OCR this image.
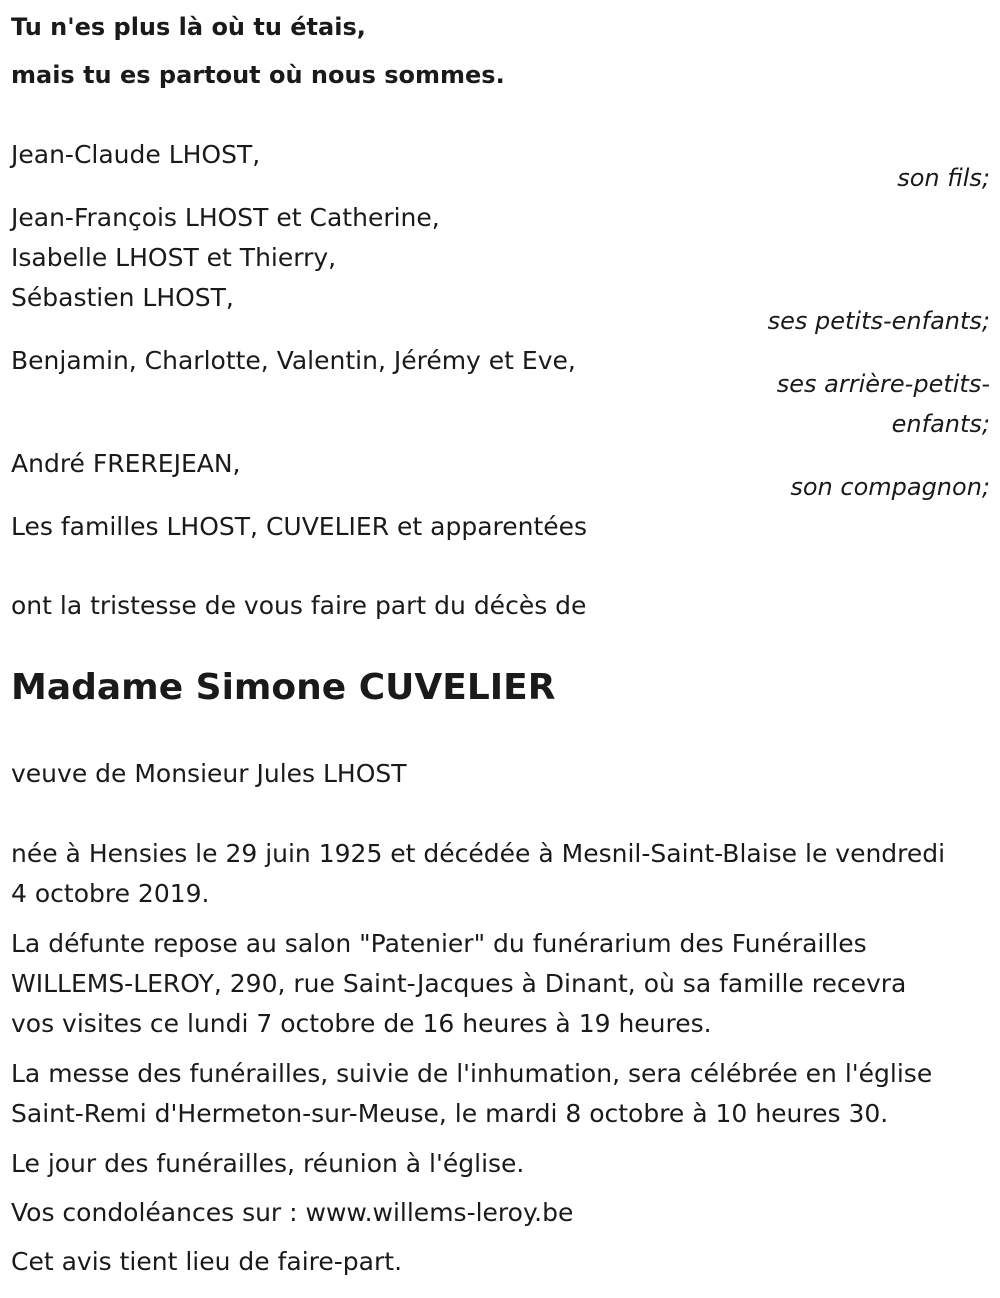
Tu n'es plus là où tu étais,

mais tu es partout où nous sommes.

Jean-Claude LHOST,

son fils;

Jean-François LHOST et Catherine,

Isabelle LHOST et Thierry,

Sébastien LHOST,

ses petits-enfants;

Benjamin, Charlotte, Valentin, Jérémy et Eve,

ses arrière-petits-

enfants;

André FREREJEAN,

son compagnon;

Les familles LHOST, CUVELIER et apparentées

ont la tristesse de vous faire part du décès de

Madame Simone CUVELIER

veuve de Monsieur Jules LHOST

née à Hensies le 29 juin 1925 et décédée à Mesnil-Saint-Blaise le vendredi

4 octobre 2019.

La défunte repose au salon "Patenier" du funérarium des Funérailles

WILLEMS-LEROY, 290, rue Saint-Jacques à Dinant, où sa famille recevra

vos visites ce lundi 7 octobre de 16 heures à 19 heures.

La messe des funérailles, suivie de l'inhumation, sera célébrée en l'église

Saint-Remi d'Hermeton-sur-Meuse, le mardi 8 octobre à 10 heures 30.

Le jour des funérailles, réunion à l'église.

Vos condoléances sur : www.willems-leroy.be

Cet avis tient lieu de faire-part.
